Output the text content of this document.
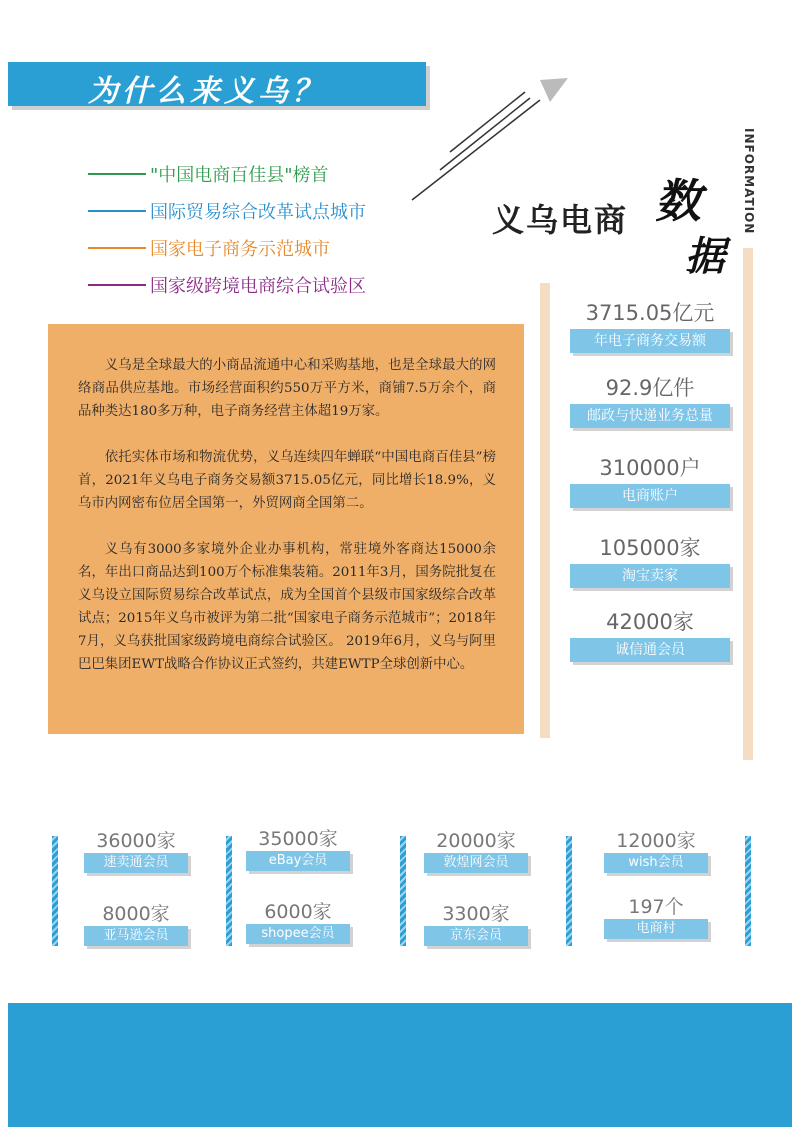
为什么来义乌？
"中国电商百佳县"榜首
国际贸易综合改革试点城市
国家电子商务示范城市
国家级跨境电商综合试验区
INFORMATION
义乌电商 数
据

义乌是全球最大的小商品流通中心和采购基地，也是全球最大的网络商品供应基地。市场经营面积约550万平方米，商铺7.5万余个，商品种类达180多万种，电子商务经营主体超19万家。

依托实体市场和物流优势，义乌连续四年蝉联“中国电商百佳县”榜首，2021年义乌电子商务交易额3715.05亿元，同比增长18.9%，义乌市内网密布位居全国第一，外贸网商全国第二。

义乌有3000多家境外企业办事机构，常驻境外客商达15000余名，年出口商品达到100万个标准集装箱。2011年3月，国务院批复在义乌设立国际贸易综合改革试点，成为全国首个县级市国家级综合改革试点；2015年义乌市被评为第二批“国家电子商务示范城市”；2018年7月，义乌获批国家级跨境电商综合试验区。 2019年6月，义乌与阿里巴巴集团EWT战略合作协议正式签约，共建EWTP全球创新中心。

3715.05亿元
年电子商务交易额
92.9亿件
邮政与快递业务总量
310000户
电商账户
105000家
淘宝卖家
42000家
诚信通会员
36000家
速卖通会员
35000家
eBay会员
20000家
敦煌网会员
12000家
wish会员
8000家
亚马逊会员
6000家
shopee会员
3300家
京东会员
197个
电商村
